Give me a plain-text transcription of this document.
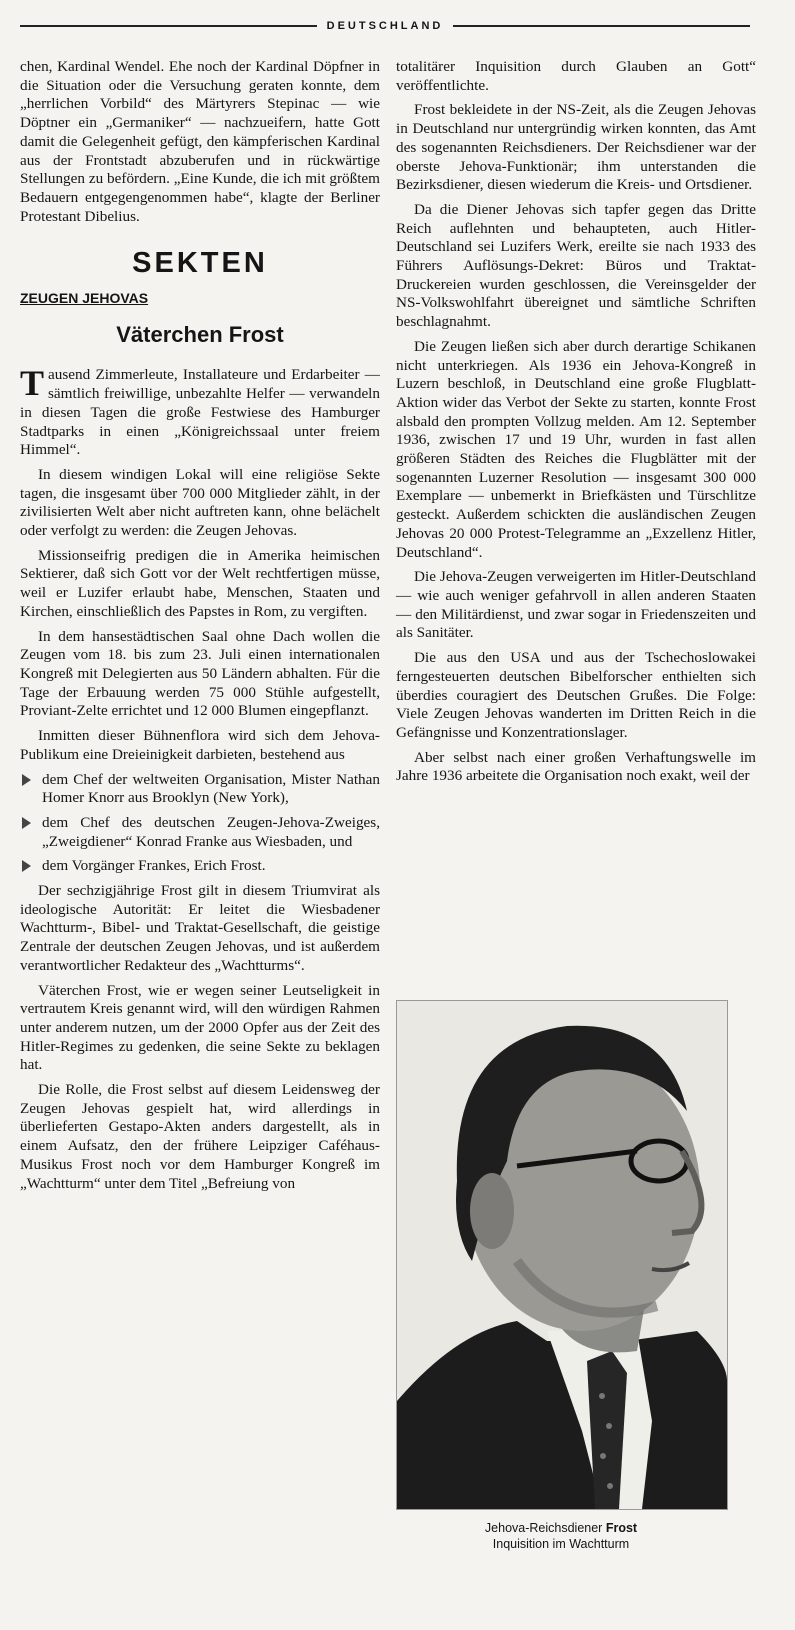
DEUTSCHLAND

chen, Kardinal Wendel. Ehe noch der Kardinal Döpfner in die Situation oder die Versuchung geraten konnte, dem „herrlichen Vorbild“ des Märtyrers Stepinac — wie Döptner ein „Germaniker“ — nachzueifern, hatte Gott damit die Gelegenheit gefügt, den kämpferischen Kardinal aus der Frontstadt abzuberufen und in rückwärtige Stellungen zu befördern. „Eine Kunde, die ich mit größtem Bedauern entgegengenommen habe“, klagte der Berliner Protestant Dibelius.

SEKTEN
ZEUGEN JEHOVAS
Väterchen Frost

Tausend Zimmerleute, Installateure und Erdarbeiter — sämtlich freiwillige, unbezahlte Helfer — verwandeln in diesen Tagen die große Festwiese des Hamburger Stadtparks in einen „Königreichssaal unter freiem Himmel“.

In diesem windigen Lokal will eine religiöse Sekte tagen, die insgesamt über 700 000 Mitglieder zählt, in der zivilisierten Welt aber nicht auftreten kann, ohne belächelt oder verfolgt zu werden: die Zeugen Jehovas.

Missionseifrig predigen die in Amerika heimischen Sektierer, daß sich Gott vor der Welt rechtfertigen müsse, weil er Luzifer erlaubt habe, Menschen, Staaten und Kirchen, einschließlich des Papstes in Rom, zu vergiften.

In dem hansestädtischen Saal ohne Dach wollen die Zeugen vom 18. bis zum 23. Juli einen internationalen Kongreß mit Delegierten aus 50 Ländern abhalten. Für die Tage der Erbauung werden 75 000 Stühle aufgestellt, Proviant-Zelte errichtet und 12 000 Blumen eingepflanzt.

Inmitten dieser Bühnenflora wird sich dem Jehova-Publikum eine Dreieinigkeit darbieten, bestehend aus

dem Chef der weltweiten Organisation, Mister Nathan Homer Knorr aus Brooklyn (New York),
dem Chef des deutschen Zeugen-Jehova-Zweiges, „Zweigdiener“ Konrad Franke aus Wiesbaden, und
dem Vorgänger Frankes, Erich Frost.

Der sechzigjährige Frost gilt in diesem Triumvirat als ideologische Autorität: Er leitet die Wiesbadener Wachtturm-, Bibel- und Traktat-Gesellschaft, die geistige Zentrale der deutschen Zeugen Jehovas, und ist außerdem verantwortlicher Redakteur des „Wachtturms“.

Väterchen Frost, wie er wegen seiner Leutseligkeit in vertrautem Kreis genannt wird, will den würdigen Rahmen unter anderem nutzen, um der 2000 Opfer aus der Zeit des Hitler-Regimes zu gedenken, die seine Sekte zu beklagen hat.

Die Rolle, die Frost selbst auf diesem Leidensweg der Zeugen Jehovas gespielt hat, wird allerdings in überlieferten Gestapo-Akten anders dargestellt, als in einem Aufsatz, den der frühere Leipziger Caféhaus-Musikus Frost noch vor dem Hamburger Kongreß im „Wachtturm“ unter dem Titel „Befreiung von

totalitärer Inquisition durch Glauben an Gott“ veröffentlichte.

Frost bekleidete in der NS-Zeit, als die Zeugen Jehovas in Deutschland nur untergründig wirken konnten, das Amt des sogenannten Reichsdieners. Der Reichsdiener war der oberste Jehova-Funktionär; ihm unterstanden die Bezirksdiener, diesen wiederum die Kreis- und Ortsdiener.

Da die Diener Jehovas sich tapfer gegen das Dritte Reich auflehnten und behaupteten, auch Hitler-Deutschland sei Luzifers Werk, ereilte sie nach 1933 des Führers Auflösungs-Dekret: Büros und Traktat-Druckereien wurden geschlossen, die Vereinsgelder der NS-Volkswohlfahrt übereignet und sämtliche Schriften beschlagnahmt.

Die Zeugen ließen sich aber durch derartige Schikanen nicht unterkriegen. Als 1936 ein Jehova-Kongreß in Luzern beschloß, in Deutschland eine große Flugblatt-Aktion wider das Verbot der Sekte zu starten, konnte Frost alsbald den prompten Vollzug melden. Am 12. September 1936, zwischen 17 und 19 Uhr, wurden in fast allen größeren Städten des Reiches die Flugblätter mit der sogenannten Luzerner Resolution — insgesamt 300 000 Exemplare — unbemerkt in Briefkästen und Türschlitze gesteckt. Außerdem schickten die ausländischen Zeugen Jehovas 20 000 Protest-Telegramme an „Exzellenz Hitler, Deutschland“.

Die Jehova-Zeugen verweigerten im Hitler-Deutschland — wie auch weniger gefahrvoll in allen anderen Staaten — den Militärdienst, und zwar sogar in Friedenszeiten und als Sanitäter.

Die aus den USA und aus der Tschechoslowakei ferngesteuerten deutschen Bibelforscher enthielten sich überdies couragiert des Deutschen Grußes. Die Folge: Viele Zeugen Jehovas wanderten im Dritten Reich in die Gefängnisse und Konzentrationslager.

Aber selbst nach einer großen Verhaftungswelle im Jahre 1936 arbeitete die Organisation noch exakt, weil der

Jehova-Reichsdiener Frost
Inquisition im Wachtturm
